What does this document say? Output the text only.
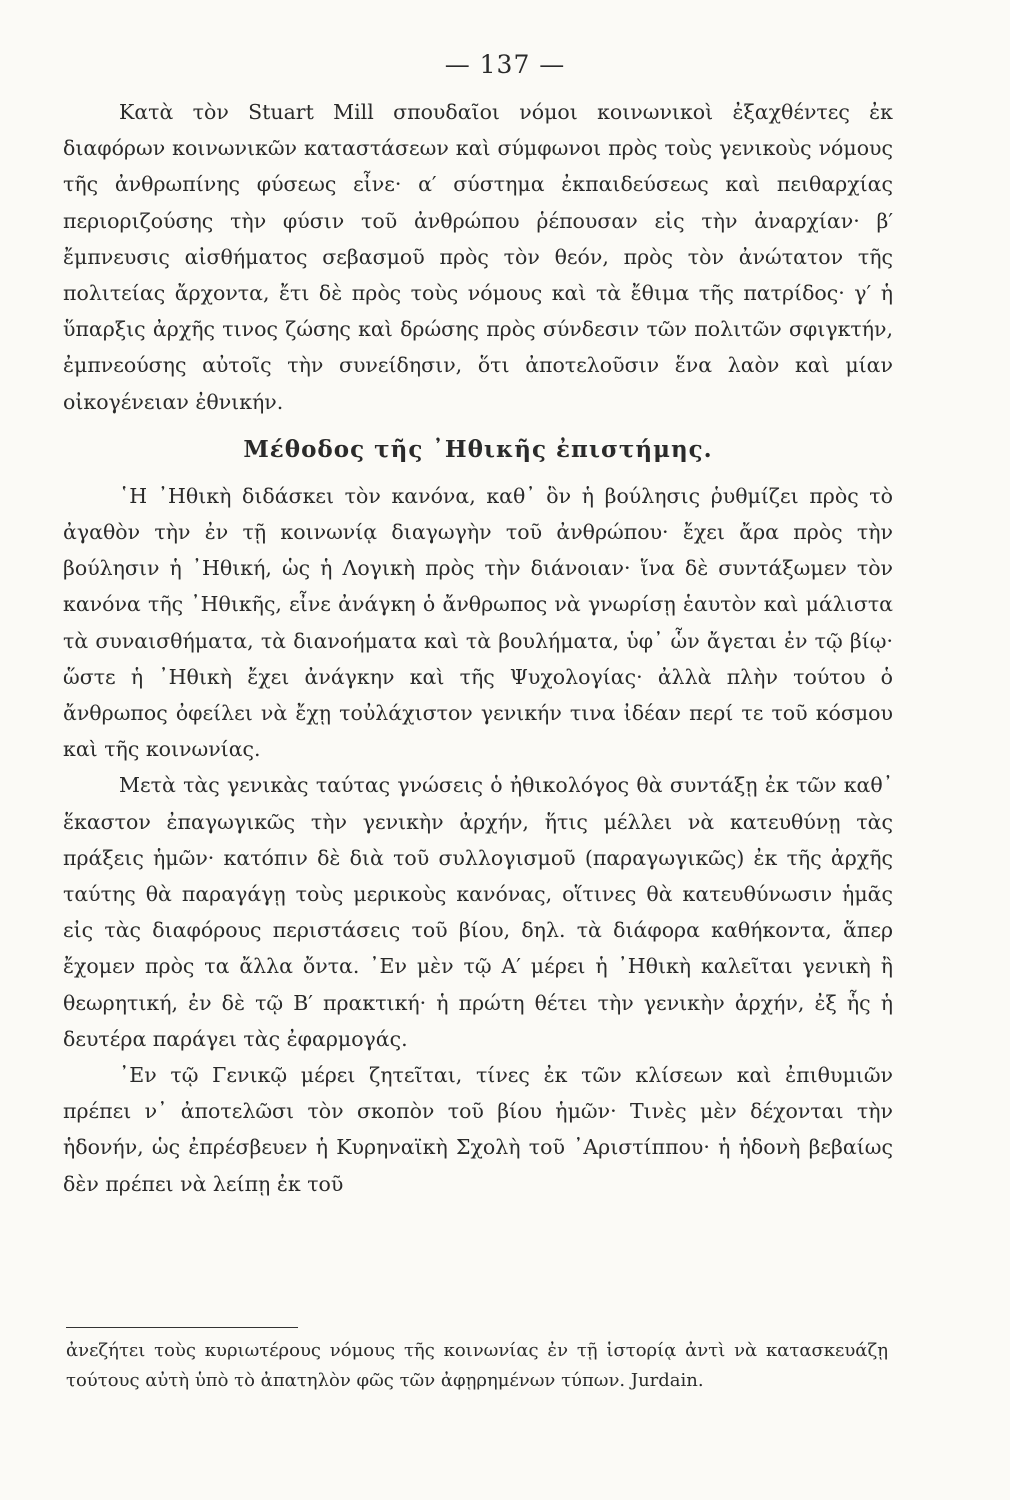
— 137 —

Κατὰ τὸν Stuart Mill σπουδαῖοι νόμοι κοινωνικοὶ ἐξαχθέντες ἐκ διαφόρων κοινωνικῶν καταστάσεων καὶ σύμφωνοι πρὸς τοὺς γενικοὺς νόμους τῆς ἀνθρωπίνης φύσεως εἶνε· α′ σύστημα ἐκπαιδεύσεως καὶ πειθαρχίας περιοριζούσης τὴν φύσιν τοῦ ἀνθρώπου ῥέπουσαν εἰς τὴν ἀναρχίαν· β′ ἔμπνευσις αἰσθήματος σεβασμοῦ πρὸς τὸν θεόν, πρὸς τὸν ἀνώτατον τῆς πολιτείας ἄρχοντα, ἔτι δὲ πρὸς τοὺς νόμους καὶ τὰ ἔθιμα τῆς πατρίδος· γ′ ἡ ὕπαρξις ἀρχῆς τινος ζώσης καὶ δρώσης πρὸς σύνδεσιν τῶν πολιτῶν σφιγκτήν, ἐμπνεούσης αὐτοῖς τὴν συνείδησιν, ὅτι ἀποτελοῦσιν ἕνα λαὸν καὶ μίαν οἰκογένειαν ἐθνικήν.

Μέθοδος τῆς ᾿Ηθικῆς ἐπιστήμης.

῾Η ᾿Ηθικὴ διδάσκει τὸν κανόνα, καθ᾿ ὃν ἡ βούλησις ῥυθμίζει πρὸς τὸ ἀγαθὸν τὴν ἐν τῇ κοινωνίᾳ διαγωγὴν τοῦ ἀνθρώπου· ἔχει ἄρα πρὸς τὴν βούλησιν ἡ ᾿Ηθική, ὡς ἡ Λογικὴ πρὸς τὴν διάνοιαν· ἵνα δὲ συντάξωμεν τὸν κανόνα τῆς ᾿Ηθικῆς, εἶνε ἀνάγκη ὁ ἄνθρωπος νὰ γνωρίσῃ ἑαυτὸν καὶ μάλιστα τὰ συναισθήματα, τὰ διανοήματα καὶ τὰ βουλήματα, ὑφ᾿ ὧν ἄγεται ἐν τῷ βίῳ· ὥστε ἡ ᾿Ηθικὴ ἔχει ἀνάγκην καὶ τῆς Ψυχολογίας· ἀλλὰ πλὴν τούτου ὁ ἄνθρωπος ὀφείλει νὰ ἔχῃ τοὐλάχιστον γενικήν τινα ἰδέαν περί τε τοῦ κόσμου καὶ τῆς κοινωνίας.

Μετὰ τὰς γενικὰς ταύτας γνώσεις ὁ ἠθικολόγος θὰ συντάξῃ ἐκ τῶν καθ᾿ ἕκαστον ἐπαγωγικῶς τὴν γενικὴν ἀρχήν, ἥτις μέλλει νὰ κατευθύνῃ τὰς πράξεις ἡμῶν· κατόπιν δὲ διὰ τοῦ συλλογισμοῦ (παραγωγικῶς) ἐκ τῆς ἀρχῆς ταύτης θὰ παραγάγῃ τοὺς μερικοὺς κανόνας, οἵτινες θὰ κατευθύνωσιν ἡμᾶς εἰς τὰς διαφόρους περιστάσεις τοῦ βίου, δηλ. τὰ διάφορα καθήκοντα, ἅπερ ἔχομεν πρὸς τα ἄλλα ὄντα. ᾿Εν μὲν τῷ Α′ μέρει ἡ ᾿Ηθικὴ καλεῖται γενικὴ ἢ θεωρητική, ἐν δὲ τῷ Β′ πρακτική· ἡ πρώτη θέτει τὴν γενικὴν ἀρχήν, ἐξ ἧς ἡ δευτέρα παράγει τὰς ἐφαρμογάς.

᾿Εν τῷ Γενικῷ μέρει ζητεῖται, τίνες ἐκ τῶν κλίσεων καὶ ἐπιθυμιῶν πρέπει ν᾿ ἀποτελῶσι τὸν σκοπὸν τοῦ βίου ἡμῶν· Τινὲς μὲν δέχονται τὴν ἡδονήν, ὡς ἐπρέσβευεν ἡ Κυρηναϊκὴ Σχολὴ τοῦ ᾿Αριστίππου· ἡ ἡδονὴ βεβαίως δὲν πρέπει νὰ λείπῃ ἐκ τοῦ

ἀνεζήτει τοὺς κυριωτέρους νόμους τῆς κοινωνίας ἐν τῇ ἱστορίᾳ ἀντὶ νὰ κατασκευάζῃ τούτους αὐτὴ ὑπὸ τὸ ἀπατηλὸν φῶς τῶν ἀφῃρημένων τύπων. Jurdain.
